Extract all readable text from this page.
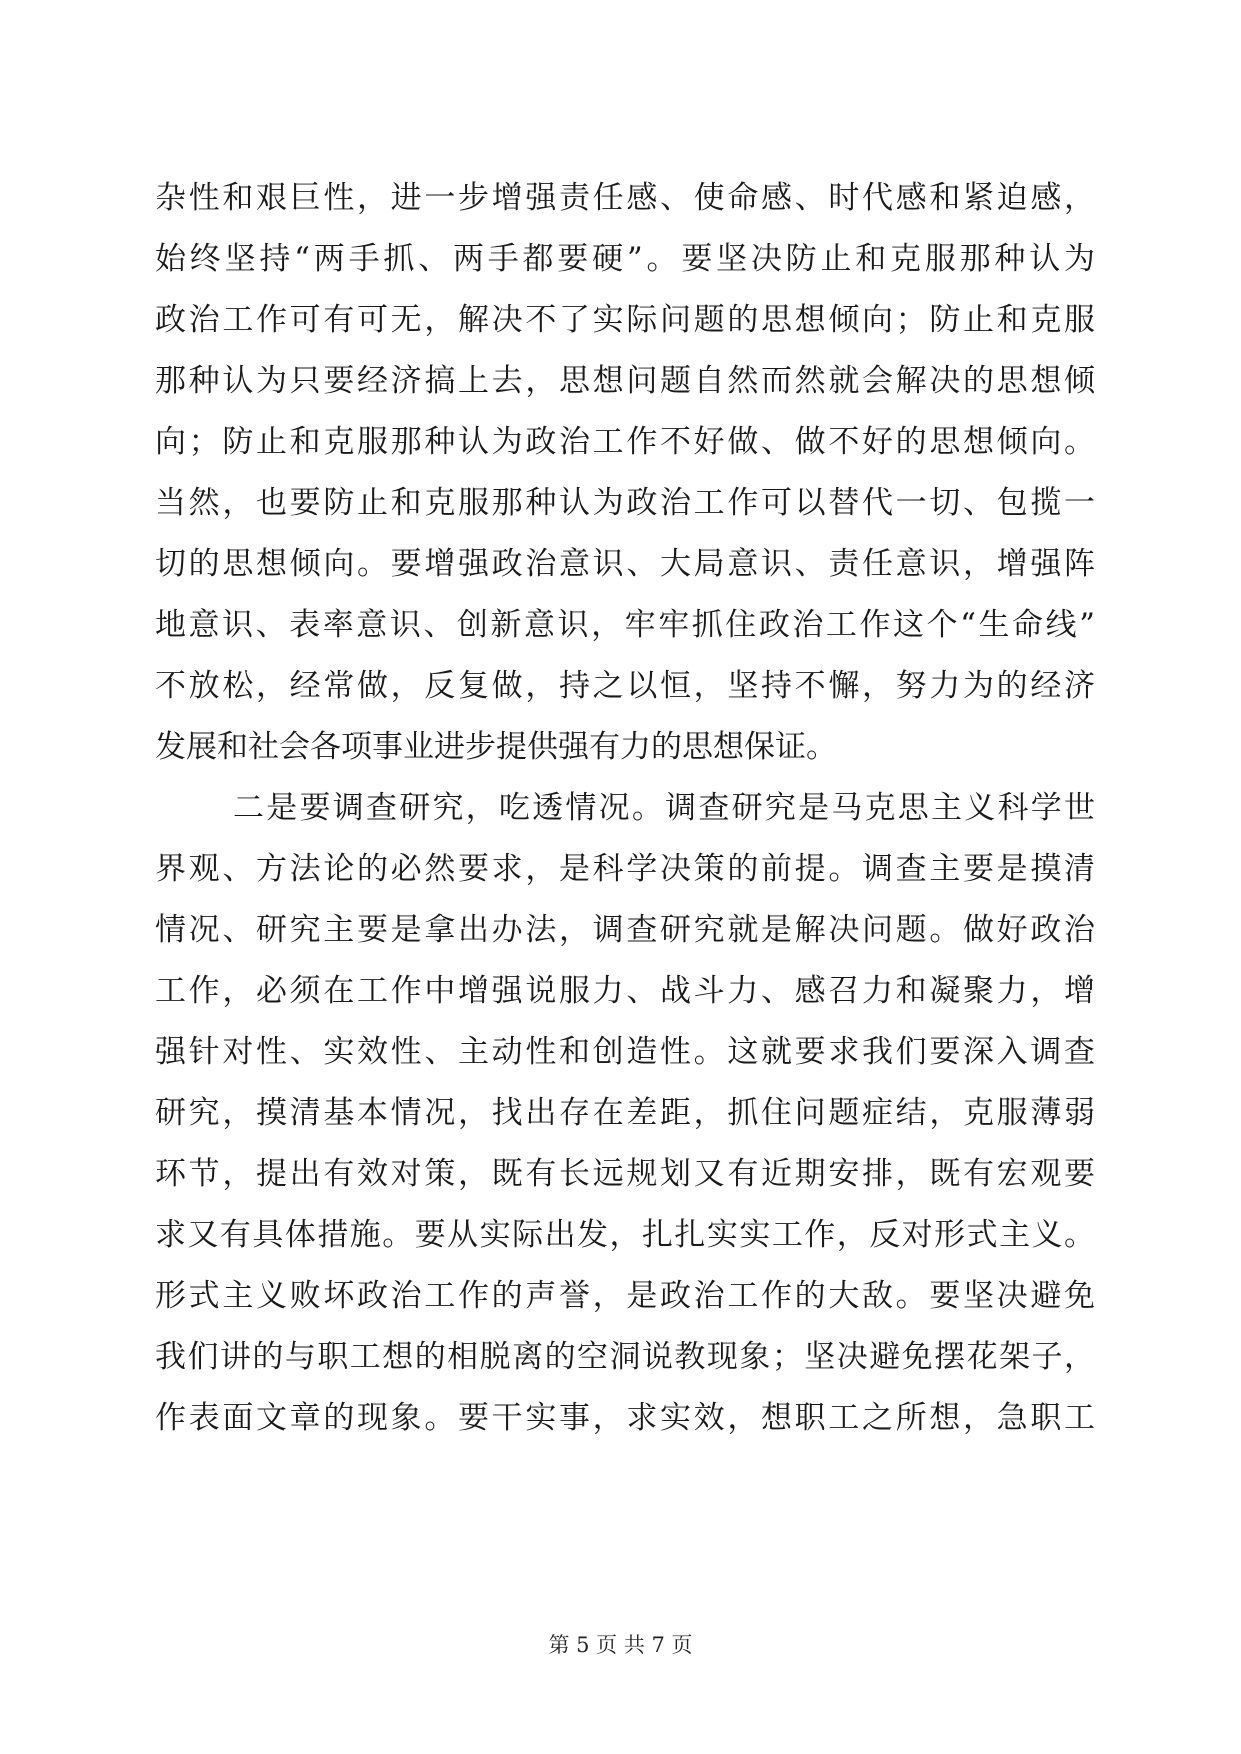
杂性和艰巨性，进一步增强责任感、使命感、时代感和紧迫感，
始终坚持“两手抓、两手都要硬”。要坚决防止和克服那种认为
政治工作可有可无，解决不了实际问题的思想倾向；防止和克服
那种认为只要经济搞上去，思想问题自然而然就会解决的思想倾
向；防止和克服那种认为政治工作不好做、做不好的思想倾向。
当然，也要防止和克服那种认为政治工作可以替代一切、包揽一
切的思想倾向。要增强政治意识、大局意识、责任意识，增强阵
地意识、表率意识、创新意识，牢牢抓住政治工作这个“生命线”
不放松，经常做，反复做，持之以恒，坚持不懈，努力为的经济
发展和社会各项事业进步提供强有力的思想保证。
二是要调查研究，吃透情况。调查研究是马克思主义科学世
界观、方法论的必然要求，是科学决策的前提。调查主要是摸清
情况、研究主要是拿出办法，调查研究就是解决问题。做好政治
工作，必须在工作中增强说服力、战斗力、感召力和凝聚力，增
强针对性、实效性、主动性和创造性。这就要求我们要深入调查
研究，摸清基本情况，找出存在差距，抓住问题症结，克服薄弱
环节，提出有效对策，既有长远规划又有近期安排，既有宏观要
求又有具体措施。要从实际出发，扎扎实实工作，反对形式主义。
形式主义败坏政治工作的声誉，是政治工作的大敌。要坚决避免
我们讲的与职工想的相脱离的空洞说教现象；坚决避免摆花架子，
作表面文章的现象。要干实事，求实效，想职工之所想，急职工
第 5 页 共 7 页
